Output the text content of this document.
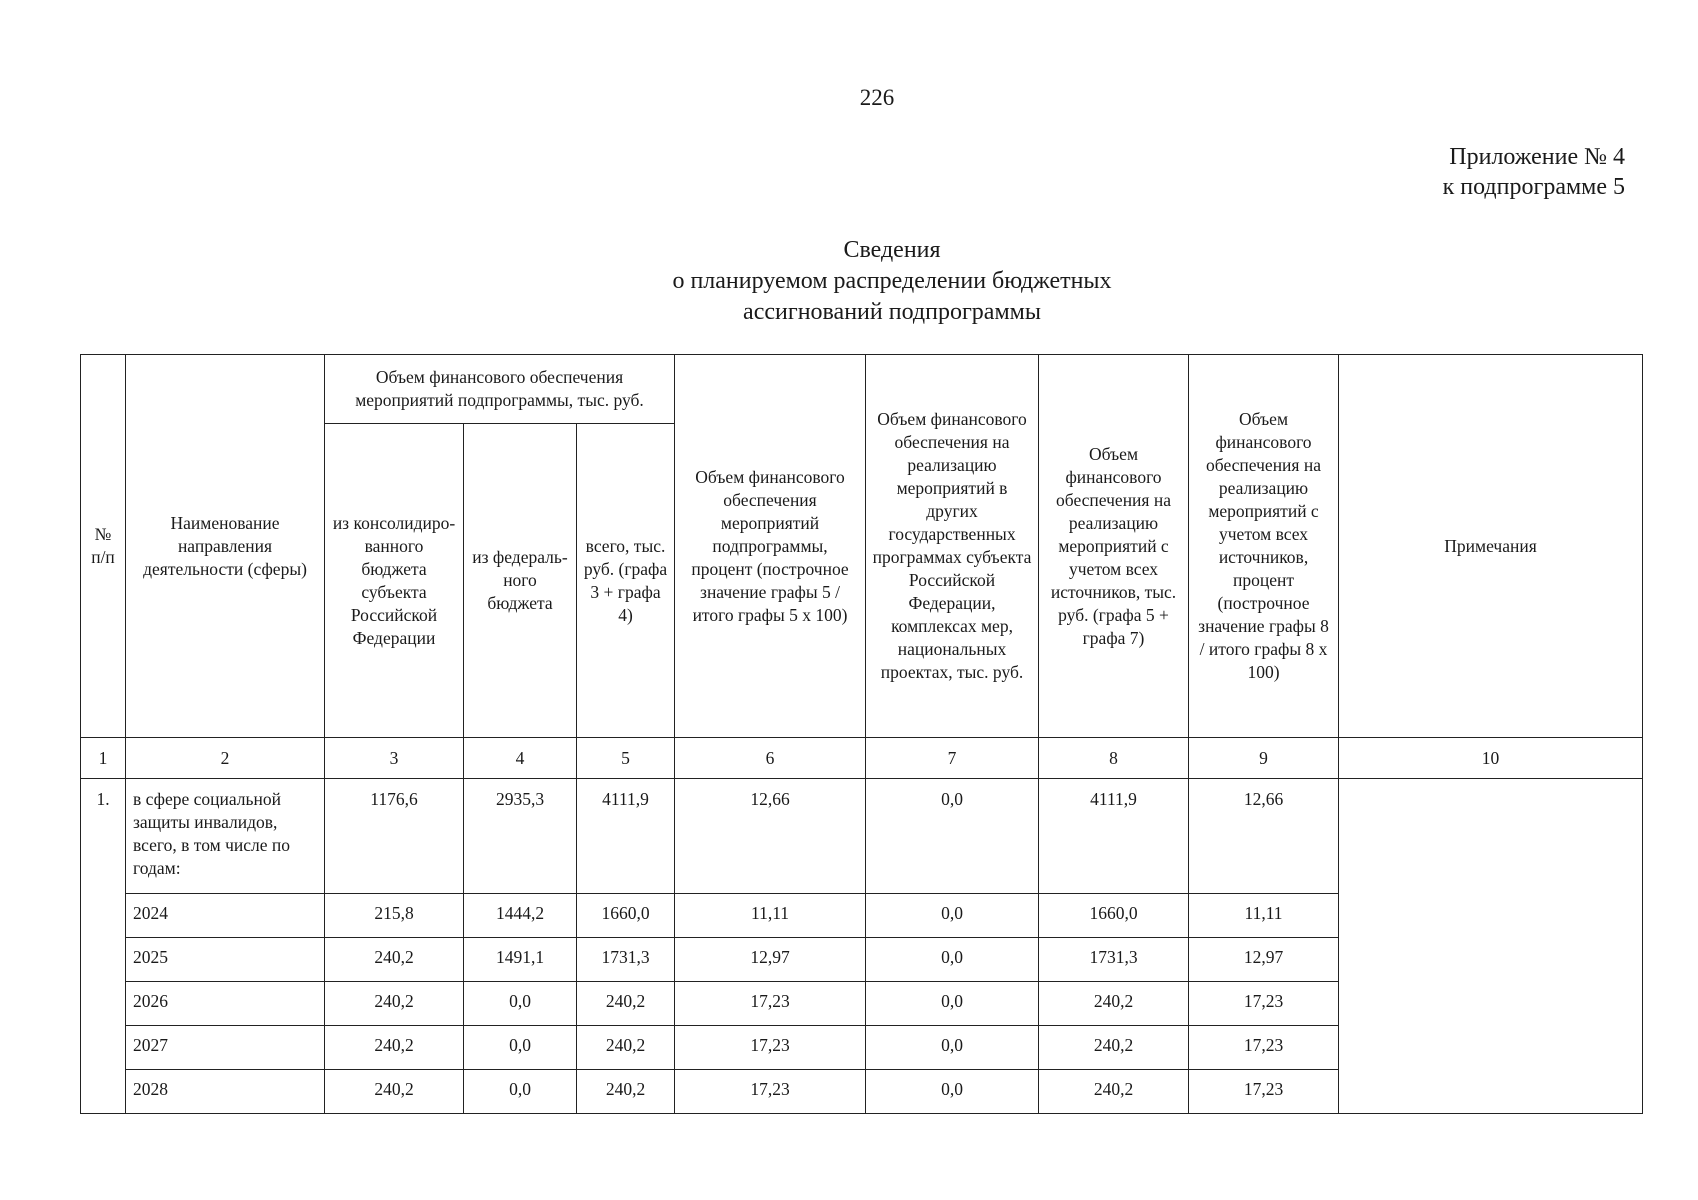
226
Приложение № 4
к подпрограмме 5
Сведения
о планируемом распределении бюджетных
ассигнований подпрограммы
№ п/п	Наименование направления деятельности (сферы)	Объем финансового обеспечения мероприятий подпрограммы, тыс. руб.			Объем финансового обеспечения мероприятий подпрограммы, процент (построчное значение графы 5 / итого графы 5 х 100)	Объем финансового обеспечения на реализацию мероприятий в других государственных программах субъекта Российской Федерации, комплексах мер, национальных проектах, тыс. руб.	Объем финансового обеспечения на реализацию мероприятий с учетом всех источников, тыс. руб. (графа 5 + графа 7)	Объем финансового обеспечения на реализацию мероприятий с учетом всех источников, процент (построчное значение графы 8 / итого графы 8 х 100)	Примечания
		из консолидиро-ванного бюджета субъекта Российской Федерации	из федераль-ного бюджета	всего, тыс. руб. (графа 3 + графа 4)					
1	2	3	4	5	6	7	8	9	10
1.	в сфере социальной защиты инвалидов, всего, в том числе по годам:	1176,6	2935,3	4111,9	12,66	0,0	4111,9	12,66	
	2024	215,8	1444,2	1660,0	11,11	0,0	1660,0	11,11	
	2025	240,2	1491,1	1731,3	12,97	0,0	1731,3	12,97	
	2026	240,2	0,0	240,2	17,23	0,0	240,2	17,23	
	2027	240,2	0,0	240,2	17,23	0,0	240,2	17,23	
	2028	240,2	0,0	240,2	17,23	0,0	240,2	17,23	
